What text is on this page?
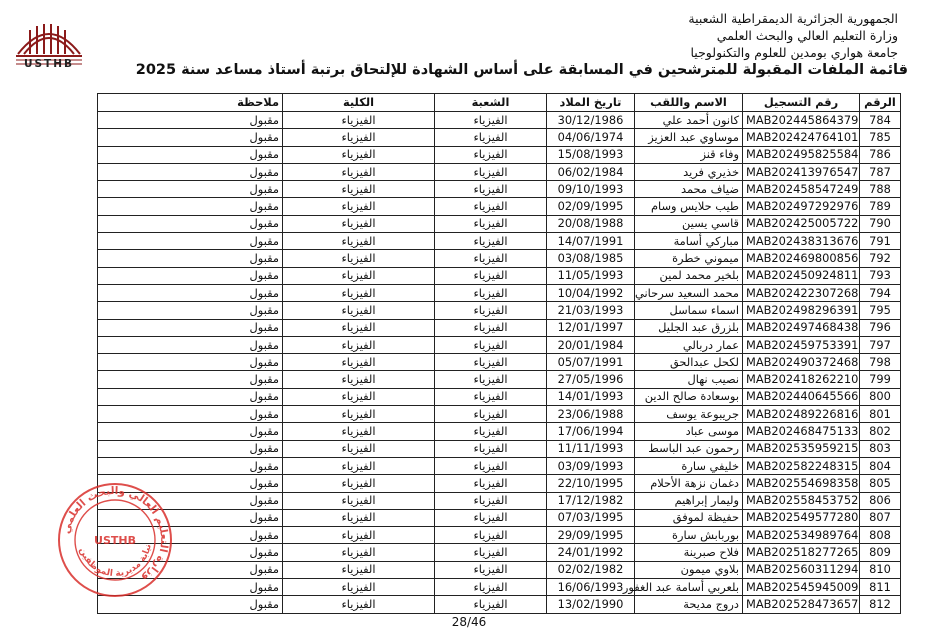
USTHB
الجمهورية الجزائرية الديمقراطية الشعبية
وزارة التعليم العالي والبحث العلمي
جامعة هواري بومدين للعلوم والتكنولوجيا
قائمة الملفات المقبولة للمترشحين في المسابقة على أساس الشهادة للإلتحاق برتبة أستاذ مساعد سنة 2025
الرقم	رقم التسجيل	الاسم واللقب	تاريخ الملاد	الشعبة	الكلية	ملاحظة
784	MAB202445864379	كانون أحمد علي	30/12/1986	الفيزياء	الفيزياء	مقبول
785	MAB202424764101	موساوي عبد العزيز	04/06/1974	الفيزياء	الفيزياء	مقبول
786	MAB202495825584	وفاء قنز	15/08/1993	الفيزياء	الفيزياء	مقبول
787	MAB202413976547	خذيري فريد	06/02/1984	الفيزياء	الفيزياء	مقبول
788	MAB202458547249	ضياف محمد	09/10/1993	الفيزياء	الفيزياء	مقبول
789	MAB202497292976	طيب حلايس وسام	02/09/1995	الفيزياء	الفيزياء	مقبول
790	MAB202425005722	قاسي يسين	20/08/1988	الفيزياء	الفيزياء	مقبول
791	MAB202438313676	مباركي أسامة	14/07/1991	الفيزياء	الفيزياء	مقبول
792	MAB202469800856	ميموني خطرة	03/08/1985	الفيزياء	الفيزياء	مقبول
793	MAB202450924811	بلخير محمد لمين	11/05/1993	الفيزياء	الفيزياء	مقبول
794	MAB202422307268	محمد السعيد سرحاني	10/04/1992	الفيزياء	الفيزياء	مقبول
795	MAB202498296391	اسماء سماسل	21/03/1993	الفيزياء	الفيزياء	مقبول
796	MAB202497468438	بلزرق عبد الجليل	12/01/1997	الفيزياء	الفيزياء	مقبول
797	MAB202459753391	عمار دربالي	20/01/1984	الفيزياء	الفيزياء	مقبول
798	MAB202490372468	لكحل عبدالحق	05/07/1991	الفيزياء	الفيزياء	مقبول
799	MAB202418262210	نصيب نهال	27/05/1996	الفيزياء	الفيزياء	مقبول
800	MAB202440645566	بوسعادة صالح الدين	14/01/1993	الفيزياء	الفيزياء	مقبول
801	MAB202489226816	جريبوعة يوسف	23/06/1988	الفيزياء	الفيزياء	مقبول
802	MAB202468475133	موسى عباد	17/06/1994	الفيزياء	الفيزياء	مقبول
803	MAB202535959215	رحمون عبد الباسط	11/11/1993	الفيزياء	الفيزياء	مقبول
804	MAB202582248315	خليفي سارة	03/09/1993	الفيزياء	الفيزياء	مقبول
805	MAB202554698358	دغمان نزهة الأحلام	22/10/1995	الفيزياء	الفيزياء	مقبول
806	MAB202558453752	وليمار إبراهيم	17/12/1982	الفيزياء	الفيزياء	مقبول
807	MAB202549577280	حفيظة لموفق	07/03/1995	الفيزياء	الفيزياء	مقبول
808	MAB202534989764	بوربابش سارة	29/09/1995	الفيزياء	الفيزياء	مقبول
809	MAB202518277265	فلاح صبرينة	24/01/1992	الفيزياء	الفيزياء	مقبول
810	MAB202560311294	بلاوي ميمون	02/02/1982	الفيزياء	الفيزياء	مقبول
811	MAB202545945009	بلعربي أسامة عبد الغفور	16/06/1993	الفيزياء	الفيزياء	مقبول
812	MAB202528473657	دروج مديحة	13/02/1990	الفيزياء	الفيزياء	مقبول
وزارة التعليم العالي والبحث العلمي
نيابة مديرية الموظفين
USTHB
28/46
